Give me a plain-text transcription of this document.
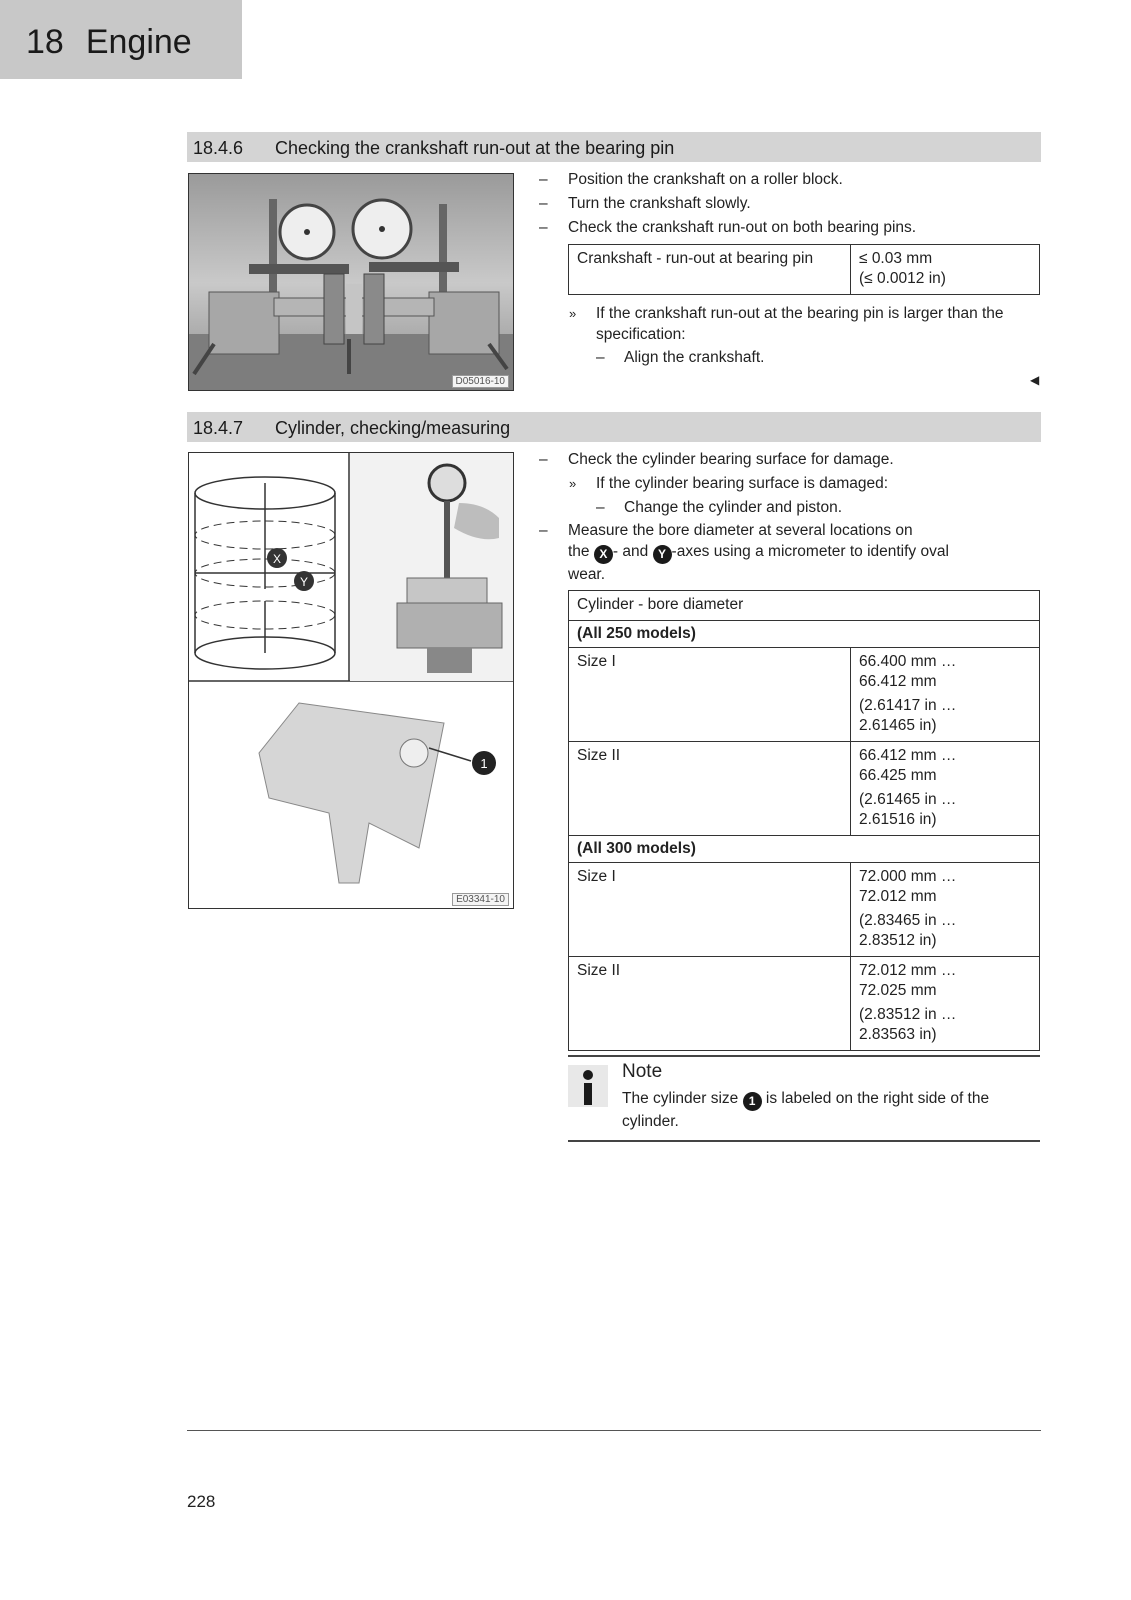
18 Engine
18.4.6 Checking the crankshaft run-out at the bearing pin
D05016-10
– Position the crankshaft on a roller block.
– Turn the crankshaft slowly.
– Check the crankshaft run-out on both bearing pins.
Crankshaft - run-out at bearing pin	≤ 0.03 mm
(≤ 0.0012 in)
» If the crankshaft run-out at the bearing pin is larger than the specification:
– Align the crankshaft.
◀
18.4.7 Cylinder, checking/measuring
X
Y
1
E03341-10
– Check the cylinder bearing surface for damage.
» If the cylinder bearing surface is damaged:
– Change the cylinder and piston.
– Measure the bore diameter at several locations on
the X - and Y -axes using a micrometer to identify oval
wear.
Cylinder - bore diameter	
(All 250 models)	
Size I	66.400 mm … 66.412 mm
(2.61417 in … 2.61465 in)

Size II	66.412 mm … 66.425 mm
(2.61465 in … 2.61516 in)

(All 300 models)	
Size I	72.000 mm … 72.012 mm
(2.83465 in … 2.83512 in)

Size II	72.012 mm … 72.025 mm
(2.83512 in … 2.83563 in)
Note
The cylinder size 1 is labeled on the right side of the cylinder.
228
